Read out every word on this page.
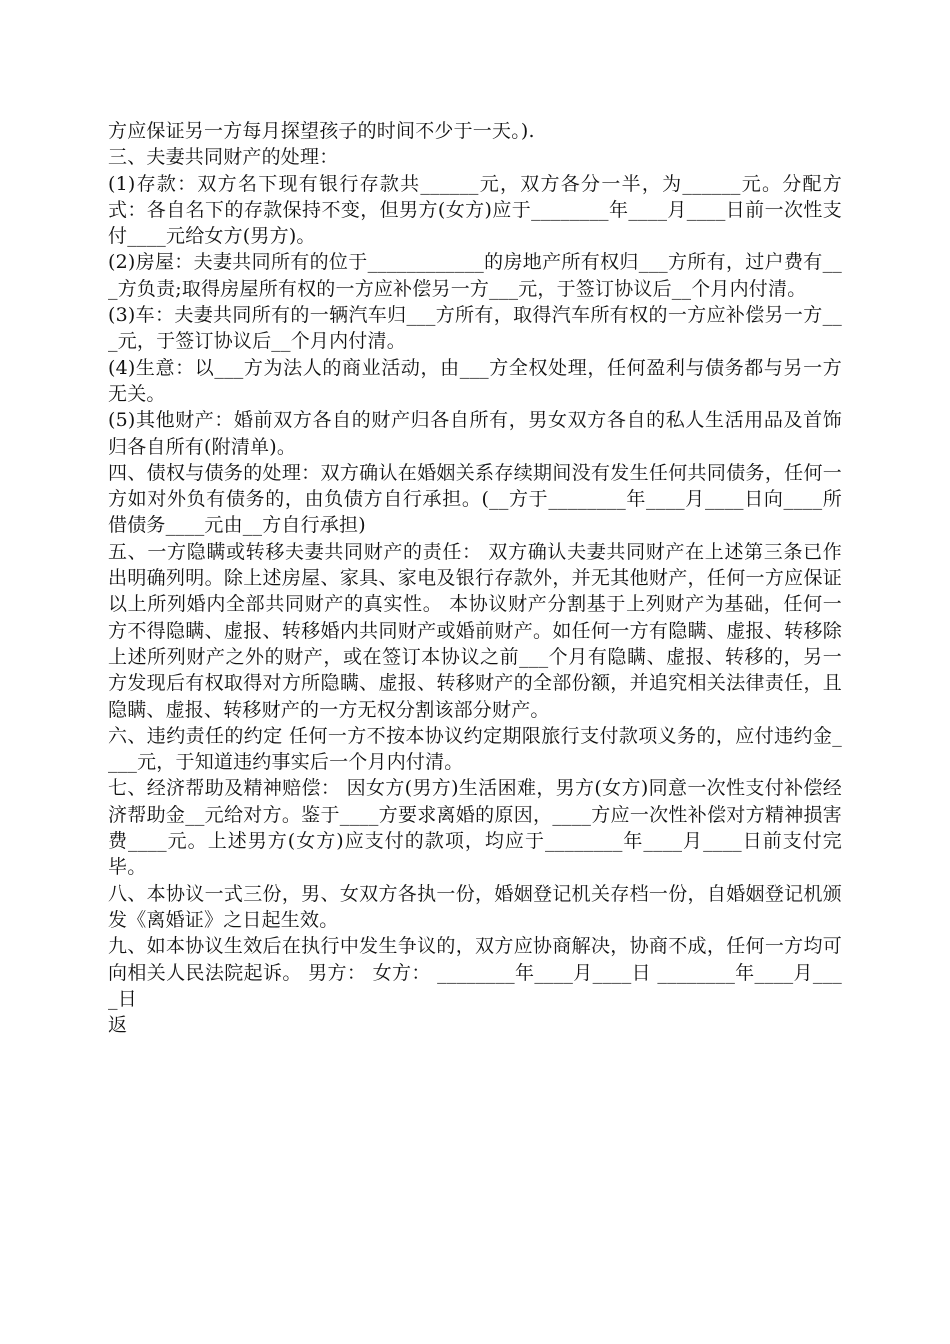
方应保证另一方每月探望孩子的时间不少于一天。).

三、夫妻共同财产的处理：

(1)存款：双方名下现有银行存款共______元，双方各分一半，为______元。分配方式：各自名下的存款保持不变，但男方(女方)应于________年____月____日前一次性支付____元给女方(男方)。

(2)房屋：夫妻共同所有的位于____________的房地产所有权归___方所有，过户费有___方负责;取得房屋所有权的一方应补偿另一方___元，于签订协议后__个月内付清。

(3)车：夫妻共同所有的一辆汽车归___方所有，取得汽车所有权的一方应补偿另一方___元，于签订协议后__个月内付清。

(4)生意：以___方为法人的商业活动，由___方全权处理，任何盈利与债务都与另一方无关。

(5)其他财产：婚前双方各自的财产归各自所有，男女双方各自的私人生活用品及首饰归各自所有(附清单)。

四、债权与债务的处理：双方确认在婚姻关系存续期间没有发生任何共同债务，任何一方如对外负有债务的，由负债方自行承担。(__方于________年____月____日向____所借债务____元由__方自行承担)

五、一方隐瞒或转移夫妻共同财产的责任： 双方确认夫妻共同财产在上述第三条已作出明确列明。除上述房屋、家具、家电及银行存款外，并无其他财产，任何一方应保证以上所列婚内全部共同财产的真实性。 本协议财产分割基于上列财产为基础，任何一方不得隐瞒、虚报、转移婚内共同财产或婚前财产。如任何一方有隐瞒、虚报、转移除上述所列财产之外的财产，或在签订本协议之前___个月有隐瞒、虚报、转移的，另一方发现后有权取得对方所隐瞒、虚报、转移财产的全部份额，并追究相关法律责任，且隐瞒、虚报、转移财产的一方无权分割该部分财产。

六、违约责任的约定 任何一方不按本协议约定期限旅行支付款项义务的，应付违约金____元，于知道违约事实后一个月内付清。

七、经济帮助及精神赔偿： 因女方(男方)生活困难，男方(女方)同意一次性支付补偿经济帮助金__元给对方。鉴于____方要求离婚的原因，____方应一次性补偿对方精神损害费____元。上述男方(女方)应支付的款项，均应于________年____月____日前支付完毕。

八、本协议一式三份，男、女双方各执一份，婚姻登记机关存档一份，自婚姻登记机颁发《离婚证》之日起生效。

九、如本协议生效后在执行中发生争议的，双方应协商解决，协商不成，任何一方均可向相关人民法院起诉。 男方： 女方： ________年____月____日 ________年____月____日

返
